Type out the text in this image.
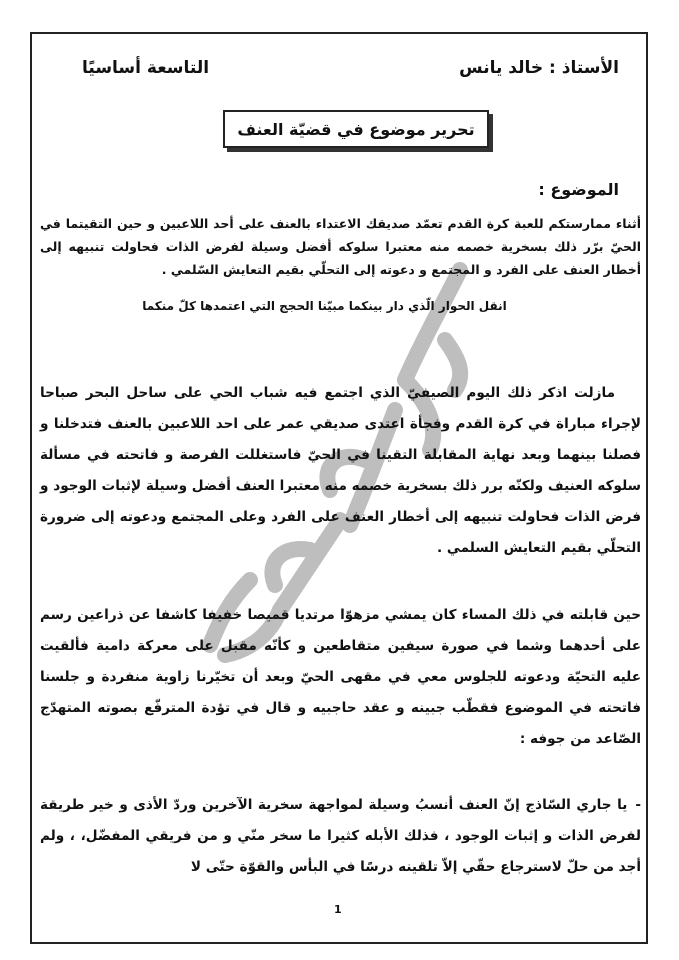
الأستاذ : خالد يانس
التاسعة أساسيًا
تحرير موضوع في قضيّة العنف
الموضوع :
أثناء ممارستكم للعبة كرة القدم تعمّد صديقك الاعتداء بالعنف على أحد اللاعبين و حين التقيتما في الحيّ برّر ذلك بسخرية خصمه منه معتبرا سلوكه أفضل وسيلة لفرض الذات فحاولت تنبيهه إلى أخطار العنف على الفرد و المجتمع و دعوته إلى التحلّي بقيم التعايش السّلمي .
انقل الحوار الّذي دار بينكما مبيّنا الحجج التي اعتمدها كلّ منكما
مازلت اذكر ذلك اليوم الصيفيّ الذي اجتمع فيه شباب الحي على ساحل البحر صباحا لإجراء مباراة في كرة القدم وفجأة اعتدى صديقي عمر على احد اللاعبين بالعنف فتدخلنا و فصلنا بينهما وبعد نهاية المقابلة التقينا في الحيّ فاستغللت الفرصة و فاتحته في مسألة سلوكه العنيف ولكنّه برر ذلك بسخرية خصمه منه معتبرا العنف أفضل وسيلة لإثبات الوجود و فرض الذات فحاولت تنبيهه إلى أخطار العنف على الفرد وعلى المجتمع ودعوته إلى ضرورة التحلّي بقيم التعايش السلمي .
حين قابلته في ذلك المساء كان يمشي مزهوّا مرتديا قميصا خفيفا كاشفا عن ذراعين رسم على أحدهما وشما في صورة سيفين متقاطعين و كأنّه مقبل على معركة دامية فألقيت عليه التحيّة ودعوته للجلوس معي في مقهى الحيّ وبعد أن تخيّرنا زاوية منفردة و جلسنا فاتحته في الموضوع فقطّب جبينه و عقد حاجبيه و قال في تؤدة المترفّع بصوته المتهدّج الصّاعد من جوفه :
-يا جاري السّاذج إنّ العنف أنسبُ وسيلة لمواجهة سخرية الآخرين وردّ الأذى و خير طريقة لفرض الذات و إثبات الوجود ، فذلك الأبله كثيرا ما سخر منّي و من فريقي المفضّل، ، ولم أجد من حلّ لاسترجاع حقّي إلاّ تلقينه درسًا في البأس والقوّة حتّى لا
1
